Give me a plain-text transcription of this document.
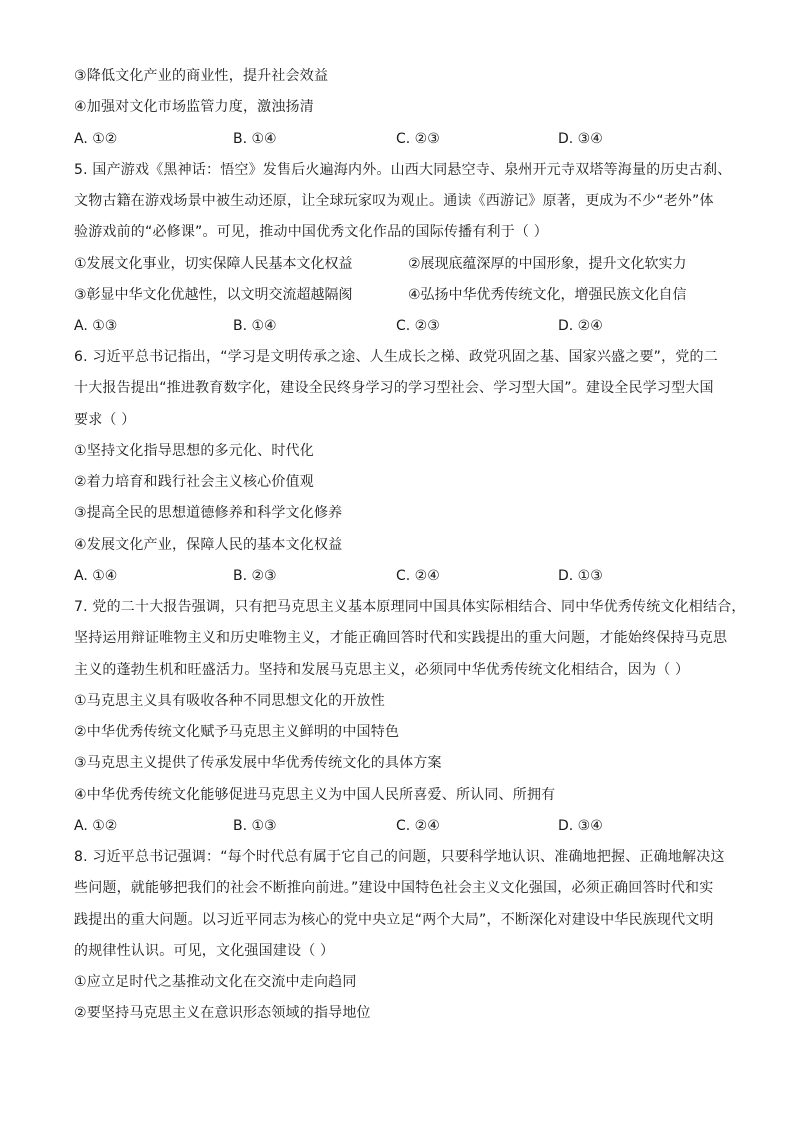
③降低文化产业的商业性，提升社会效益
④加强对文化市场监管力度，激浊扬清
A. ①②	B. ①④	C. ②③	D. ③④
5. 国产游戏《黑神话：悟空》发售后火遍海内外。山西大同悬空寺、泉州开元寺双塔等海量的历史古刹、
文物古籍在游戏场景中被生动还原，让全球玩家叹为观止。通读《西游记》原著，更成为不少“老外”体
验游戏前的“必修课”。可见，推动中国优秀文化作品的国际传播有利于（ ）
①发展文化事业，切实保障人民基本文化权益	②展现底蕴深厚的中国形象，提升文化软实力
③彰显中华文化优越性，以文明交流超越隔阂	④弘扬中华优秀传统文化，增强民族文化自信
A. ①③	B. ①④	C. ②③	D. ②④
6. 习近平总书记指出，“学习是文明传承之途、人生成长之梯、政党巩固之基、国家兴盛之要”，党的二
十大报告提出“推进教育数字化，建设全民终身学习的学习型社会、学习型大国”。建设全民学习型大国
要求（ ）
①坚持文化指导思想的多元化、时代化
②着力培育和践行社会主义核心价值观
③提高全民的思想道德修养和科学文化修养
④发展文化产业，保障人民的基本文化权益
A. ①④	B. ②③	C. ②④	D. ①③
7. 党的二十大报告强调，只有把马克思主义基本原理同中国具体实际相结合、同中华优秀传统文化相结合，
坚持运用辩证唯物主义和历史唯物主义，才能正确回答时代和实践提出的重大问题，才能始终保持马克思
主义的蓬勃生机和旺盛活力。坚持和发展马克思主义，必须同中华优秀传统文化相结合，因为（ ）
①马克思主义具有吸收各种不同思想文化的开放性
②中华优秀传统文化赋予马克思主义鲜明的中国特色
③马克思主义提供了传承发展中华优秀传统文化的具体方案
④中华优秀传统文化能够促进马克思主义为中国人民所喜爱、所认同、所拥有
A. ①②	B. ①③	C. ②④	D. ③④
8. 习近平总书记强调：“每个时代总有属于它自己的问题，只要科学地认识、准确地把握、正确地解决这
些问题，就能够把我们的社会不断推向前进。”建设中国特色社会主义文化强国，必须正确回答时代和实
践提出的重大问题。以习近平同志为核心的党中央立足“两个大局”，不断深化对建设中华民族现代文明
的规律性认识。可见，文化强国建设（ ）
①应立足时代之基推动文化在交流中走向趋同
②要坚持马克思主义在意识形态领域的指导地位
